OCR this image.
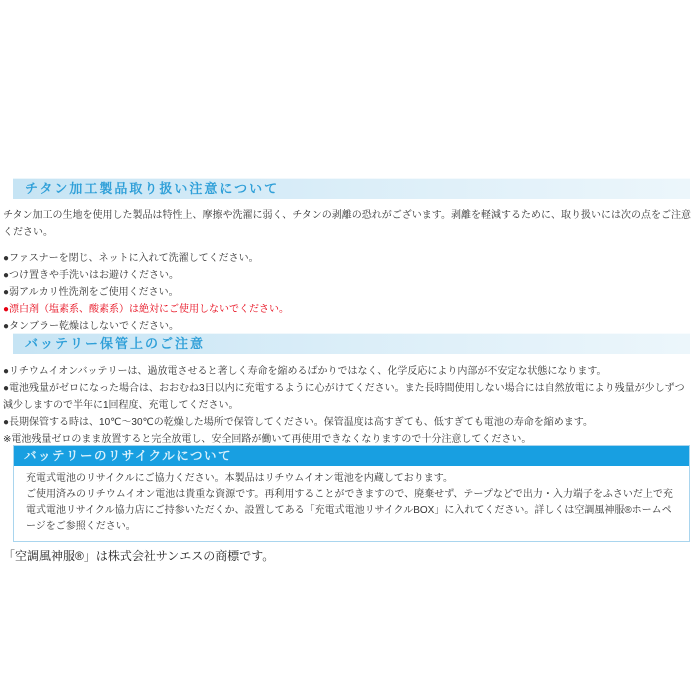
チタン加工製品取り扱い注意について
チタン加工の生地を使用した製品は特性上、摩擦や洗濯に弱く、チタンの剥離の恐れがございます。剥離を軽減するために、取り扱いには次の点をご注意ください。
●ファスナーを閉じ、ネットに入れて洗濯してください。
●つけ置きや手洗いはお避けください。
●弱アルカリ性洗剤をご使用ください。
●漂白剤（塩素系、酸素系）は絶対にご使用しないでください。
●タンブラー乾燥はしないでください。
バッテリー保管上のご注意
●リチウムイオンバッテリーは、過放電させると著しく寿命を縮めるばかりではなく、化学反応により内部が不安定な状態になります。
●電池残量がゼロになった場合は、おおむね3日以内に充電するように心がけてください。また長時間使用しない場合には自然放電により残量が少しずつ減少しますので半年に1回程度、充電してください。
●長期保管する時は、10℃～30℃の乾燥した場所で保管してください。保管温度は高すぎても、低すぎても電池の寿命を縮めます。
※電池残量ゼロのまま放置すると完全放電し、安全回路が働いて再使用できなくなりますので十分注意してください。
バッテリーのリサイクルについて

充電式電池のリサイクルにご協力ください。本製品はリチウムイオン電池を内蔵しております。

ご使用済みのリチウムイオン電池は貴重な資源です。再利用することができますので、廃棄せず、テープなどで出力・入力端子をふさいだ上で充電式電池リサイクル協力店にご持参いただくか、設置してある「充電式電池リサイクルBOX」に入れてください。詳しくは空調風神服®ホームページをご参照ください。

「空調風神服®」は株式会社サンエスの商標です。
